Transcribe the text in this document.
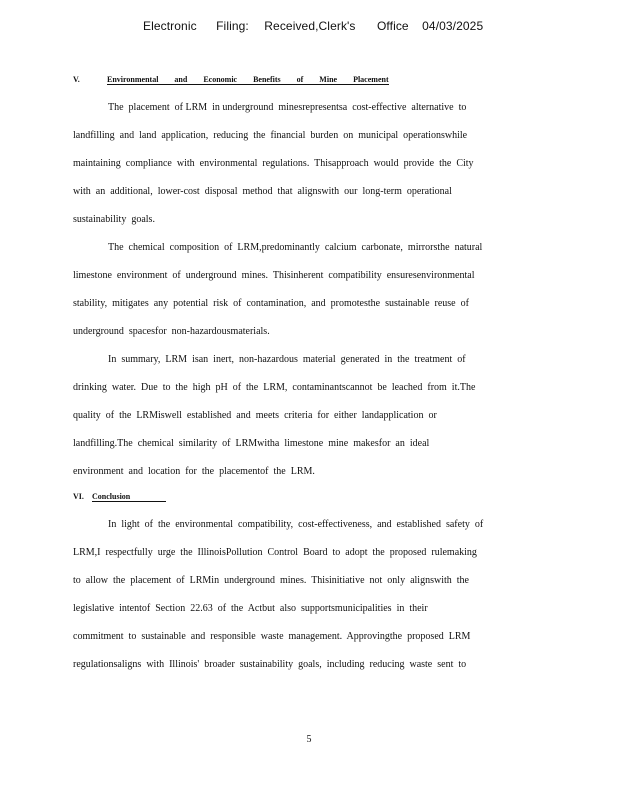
Electronic Filing: Received,Clerk's Office 04/03/2025
V.	Environmental and Economic Benefits of Mine Placement
The  placement  of LRM  in underground  minesrepresentsa  cost-effective  alternative  to
landfilling  and  land  application,  reducing  the  financial  burden  on  municipal  operationswhile
maintaining  compliance  with  environmental  regulations.  Thisapproach  would  provide  the  City
with  an  additional,  lower-cost  disposal  method  that  alignswith  our  long-term  operational
sustainability  goals.
The  chemical  composition  of  LRM,predominantly  calcium  carbonate,  mirrorsthe  natural
limestone  environment  of  underground  mines.  Thisinherent  compatibility  ensuresenvironmental
stability,  mitigates  any  potential  risk  of  contamination,  and  promotesthe  sustainable  reuse  of
underground  spacesfor  non-hazardousmaterials.
In  summary,  LRM  isan  inert,  non-hazardous  material  generated  in  the  treatment  of
drinking  water.  Due  to  the  high  pH  of  the  LRM,  contaminantscannot  be  leached  from  it.The
quality  of  the  LRMiswell  established  and  meets  criteria  for  either  landapplication  or
landfilling.The  chemical  similarity  of  LRMwitha  limestone  mine  makesfor  an  ideal
environment  and  location  for  the  placementof  the  LRM.
VI. Conclusion
In  light  of  the  environmental  compatibility,  cost-effectiveness,  and  established  safety  of
LRM,I  respectfully  urge  the  IllinoisPollution  Control  Board  to  adopt  the  proposed  rulemaking
to  allow  the  placement  of  LRMin  underground  mines.  Thisinitiative  not  only  alignswith  the
legislative  intentof  Section  22.63  of  the  Actbut  also  supportsmunicipalities  in  their
commitment  to  sustainable  and  responsible  waste  management.  Approvingthe  proposed  LRM
regulationsaligns  with  Illinois'  broader  sustainability  goals,  including  reducing  waste  sent  to
5
